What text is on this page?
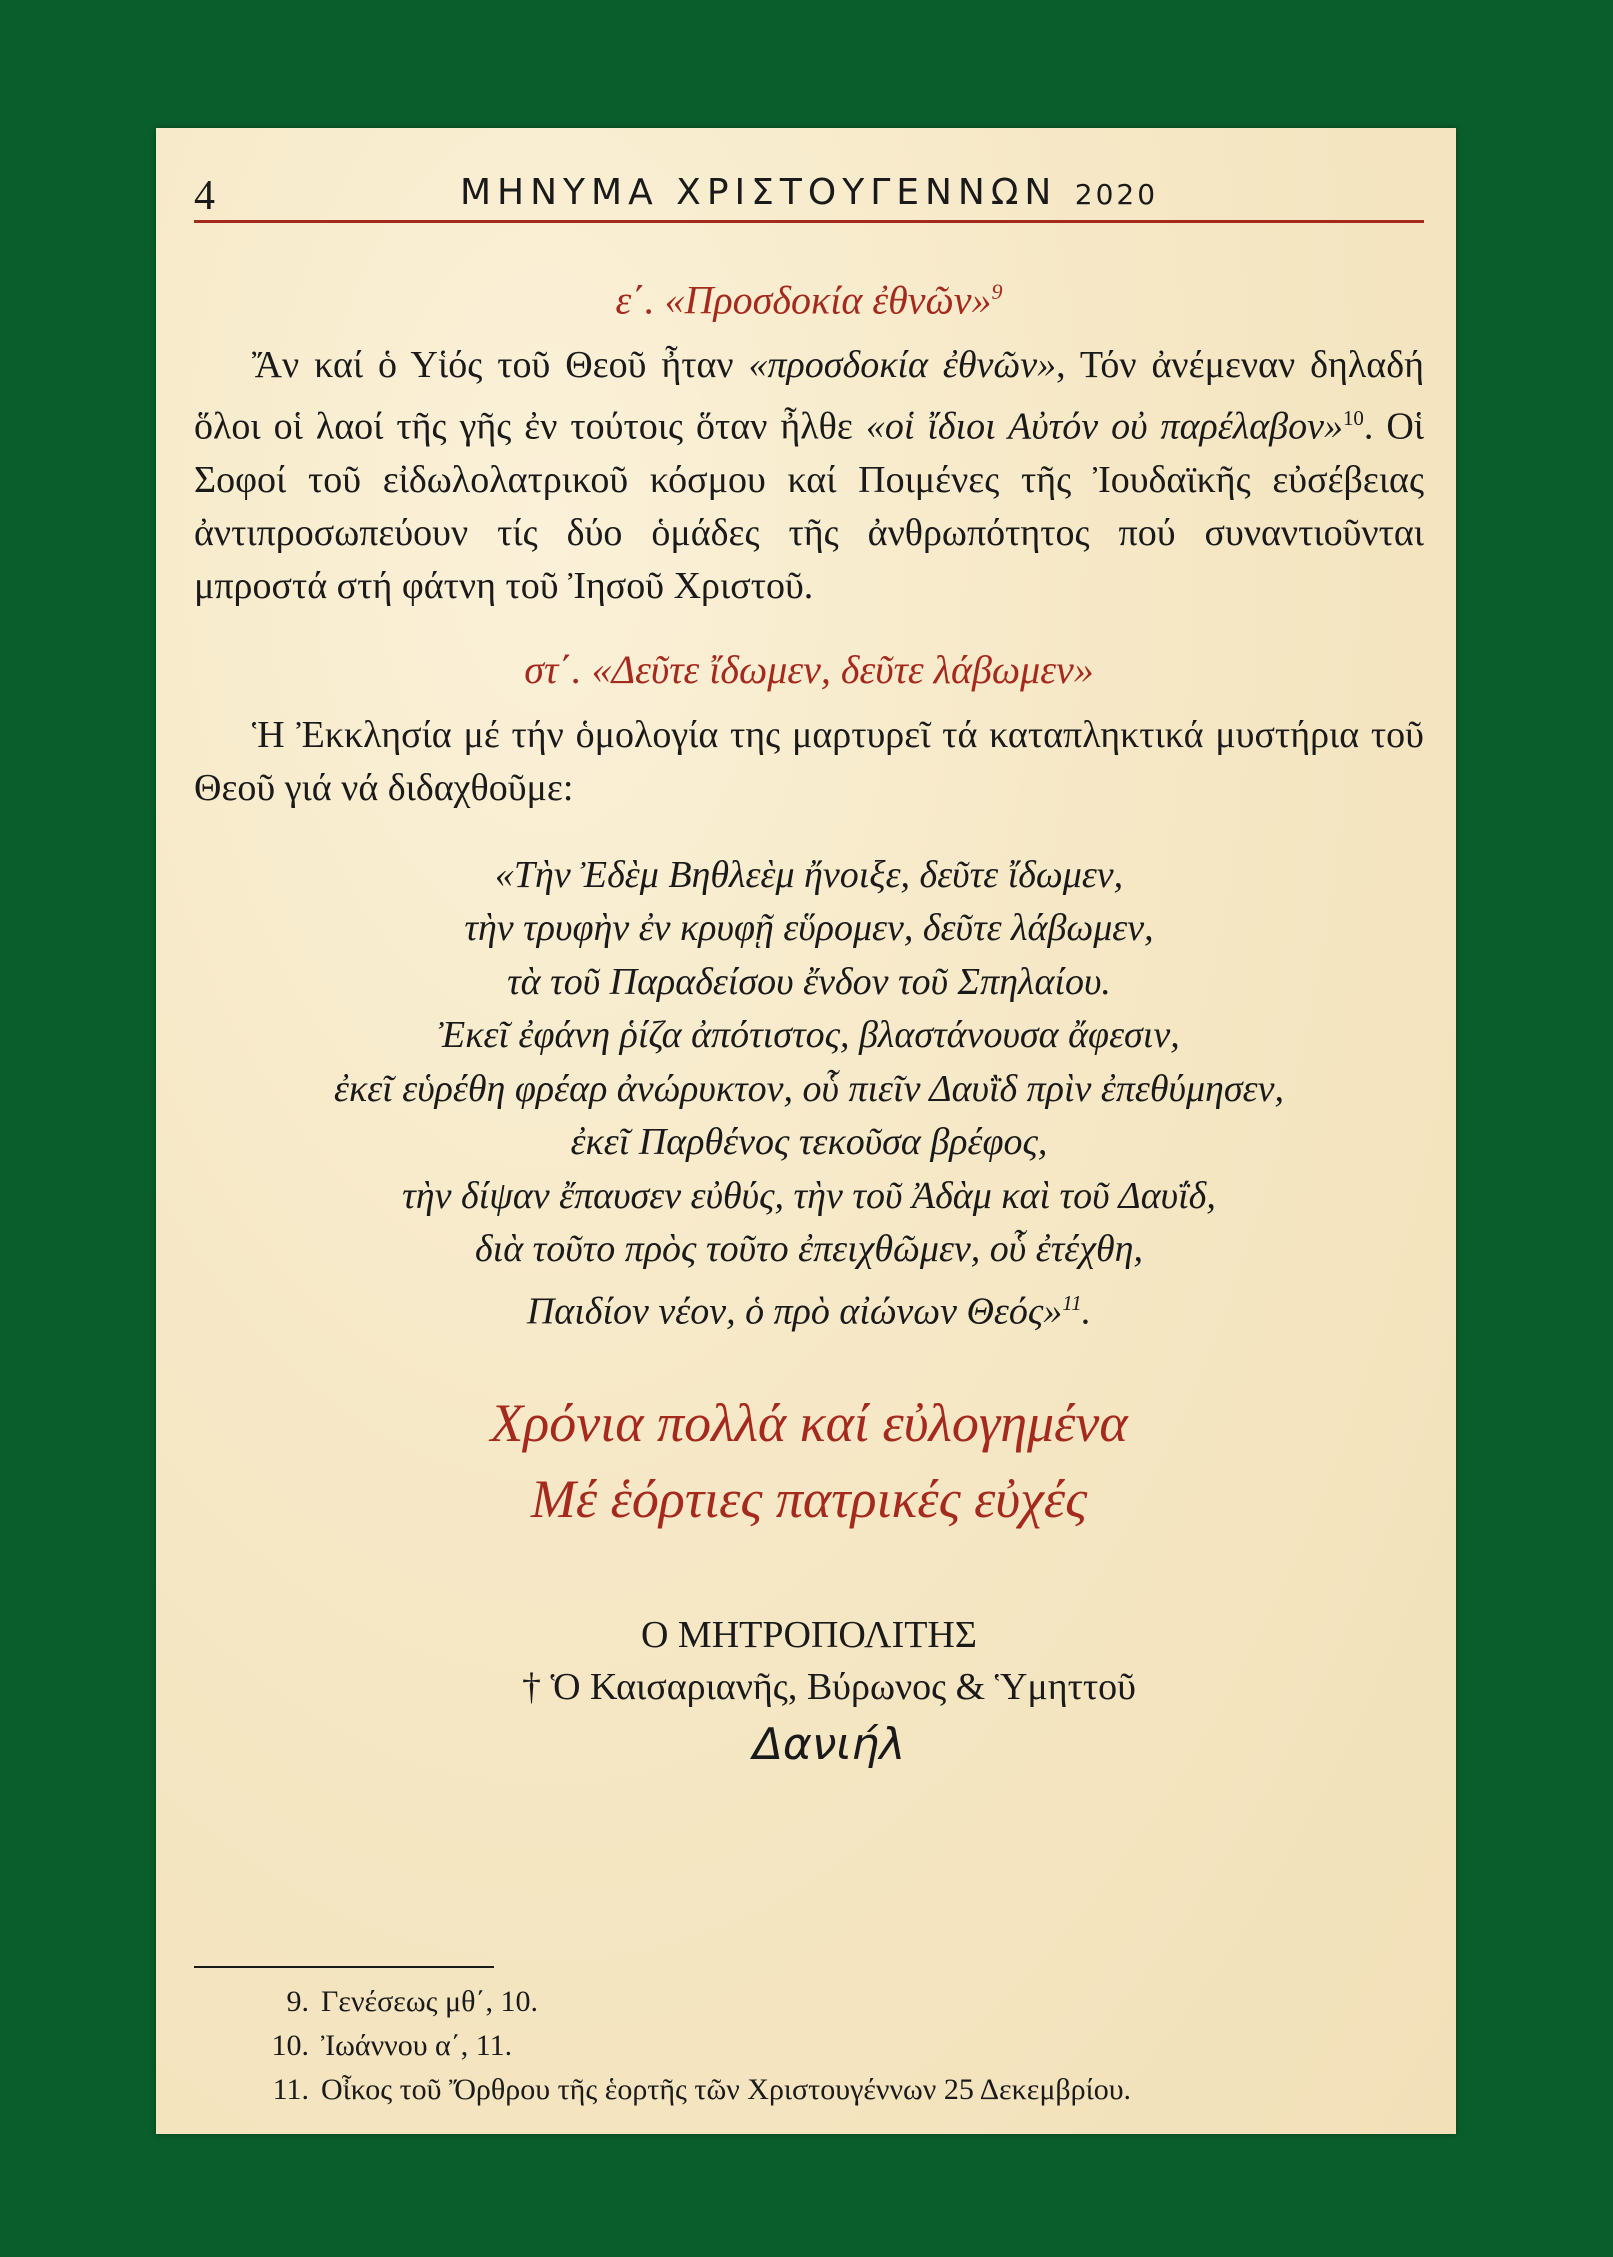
4	ΜΗΝΥΜΑ ΧΡΙΣΤΟΥΓΕΝΝΩΝ 2020
ε΄. «Προσδοκία ἐθνῶν»$^9$

Ἄν καί ὁ Υἱός τοῦ Θεοῦ ἦταν «προσδοκία ἐθνῶν», Τόν ἀνέμεναν δηλαδή ὅλοι οἱ λαοί τῆς γῆς ἐν τούτοις ὅταν ἦλθε «οἱ ἴδιοι Αὐτόν οὐ παρέλαβον»$^{10}$. Οἱ Σοφοί τοῦ εἰδωλολατρικοῦ κόσμου καί Ποιμένες τῆς Ἰουδαϊκῆς εὐσέβειας ἀντιπροσωπεύουν τίς δύο ὁμάδες τῆς ἀνθρωπότητος πού συναντιοῦνται μπροστά στή φάτνη τοῦ Ἰησοῦ Χριστοῦ.

στ΄. «Δεῦτε ἴδωμεν, δεῦτε λάβωμεν»

Ἡ Ἐκκλησία μέ τήν ὁμολογία της μαρτυρεῖ τά καταπληκτικά μυστήρια τοῦ Θεοῦ γιά νά διδαχθοῦμε:

«Τὴν Ἐδὲμ Βηθλεὲμ ἤνοιξε, δεῦτε ἴδωμεν,
τὴν τρυφὴν ἐν κρυφῇ εὕρομεν, δεῦτε λάβωμεν,
τὰ τοῦ Παραδείσου ἔνδον τοῦ Σπηλαίου.
Ἐκεῖ ἐφάνη ῥίζα ἀπότιστος, βλαστάνουσα ἄφεσιν,
ἐκεῖ εὑρέθη φρέαρ ἀνώρυκτον, οὗ πιεῖν Δαυῒδ πρὶν ἐπεθύμησεν,
ἐκεῖ Παρθένος τεκοῦσα βρέφος,
τὴν δίψαν ἔπαυσεν εὐθύς, τὴν τοῦ Ἀδὰμ καὶ τοῦ Δαυΐδ,
διὰ τοῦτο πρὸς τοῦτο ἐπειχθῶμεν, οὗ ἐτέχθη,
Παιδίον νέον, ὁ πρὸ αἰώνων Θεός»$^{11}$.
Χρόνια πολλά καί εὐλογημένα
Μέ ἑόρτιες πατρικές εὐχές
Ο ΜΗΤΡΟΠΟΛΙΤΗΣ
† Ὁ Καισαριανῆς, Βύρωνος & Ὑμηττοῦ
Δανιήλ
9. Γενέσεως μθ΄, 10.
10. Ἰωάννου α΄, 11.
11. Οἶκος τοῦ Ὄρθρου τῆς ἑορτῆς τῶν Χριστουγέννων 25 Δεκεμβρίου.
